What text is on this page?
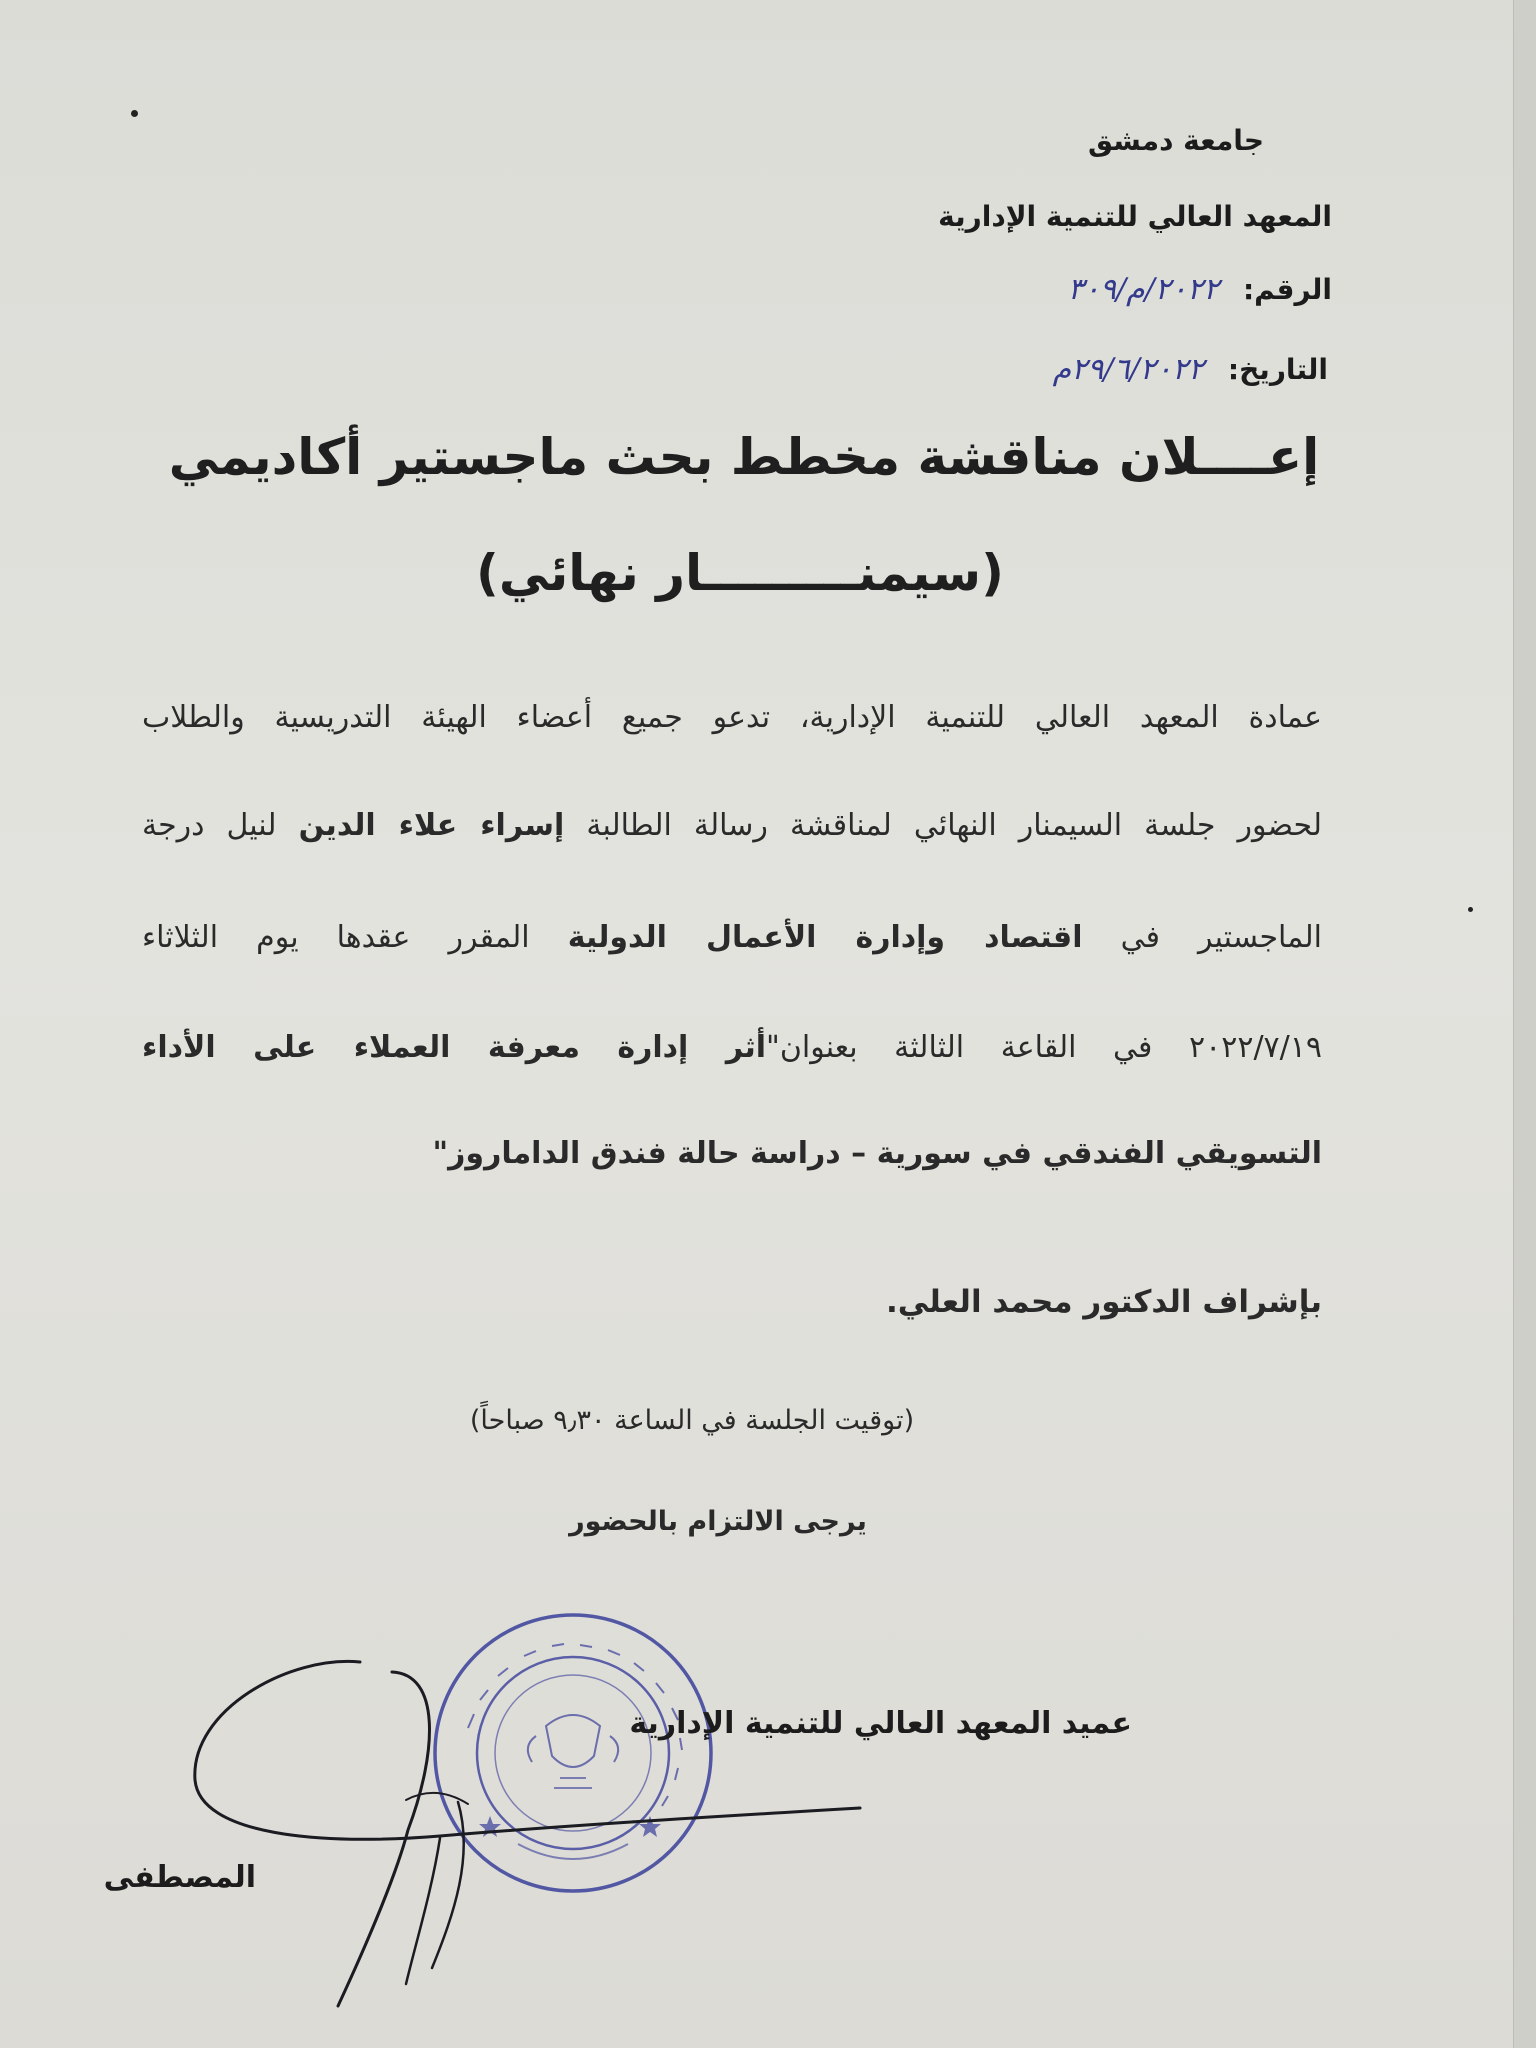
جامعة دمشق
المعهد العالي للتنمية الإدارية
الرقم: ٢٠٢٢/م/٣٠٩
التاريخ: ٢٩/٦/٢٠٢٢م
إعــــلان مناقشة مخطط بحث ماجستير أكاديمي
(سيمنـــــــــار نهائي)
عمادة المعهد العالي للتنمية الإدارية، تدعو جميع أعضاء الهيئة التدريسية والطلاب
لحضور جلسة السيمنار النهائي لمناقشة رسالة الطالبة إسراء علاء الدين لنيل درجة
الماجستير في اقتصاد وإدارة الأعمال الدولية المقرر عقدها يوم الثلاثاء
٢٠٢٢/٧/١٩ في القاعة الثالثة بعنوان"أثر إدارة معرفة العملاء على الأداء
التسويقي الفندقي في سورية – دراسة حالة فندق الداماروز"
بإشراف الدكتور محمد العلي.
(توقيت الجلسة في الساعة ٩٫٣٠ صباحاً)
يرجى الالتزام بالحضور
عميد المعهد العالي للتنمية الإدارية
المصطفى
